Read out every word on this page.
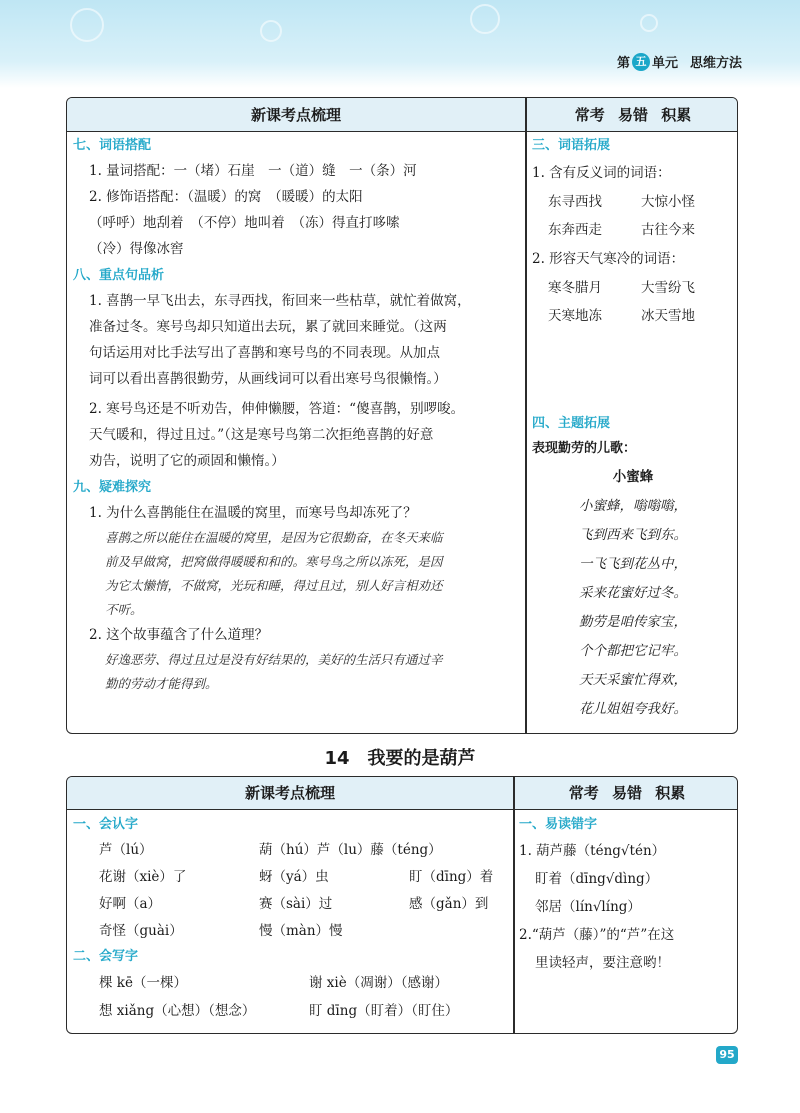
第 五 单元 思维方法
新课考点梳理	常考 易错 积累
七、词语搭配
1. 量词搭配：一（堵）石崖　一（道）缝　一（条）河
2. 修饰语搭配：（温暖）的窝　（暖暖）的太阳
（呼呼）地刮着　（不停）地叫着　（冻）得直打哆嗦
（冷）得像冰窖
八、重点句品析
1. 喜鹊一早飞出去，东寻西找，衔回来一些枯草，就忙着做窝，
准备过冬。寒号鸟却只知道出去玩，累了就回来睡觉。（这两
句话运用对比手法写出了喜鹊和寒号鸟的不同表现。从加点
词可以看出喜鹊很勤劳，从画线词可以看出寒号鸟很懒惰。）
2. 寒号鸟还是不听劝告，伸伸懒腰，答道：“傻喜鹊，别啰唆。
天气暖和，得过且过。”（这是寒号鸟第二次拒绝喜鹊的好意
劝告，说明了它的顽固和懒惰。）
九、疑难探究
1. 为什么喜鹊能住在温暖的窝里，而寒号鸟却冻死了？
喜鹊之所以能住在温暖的窝里，是因为它很勤奋，在冬天来临
前及早做窝，把窝做得暖暖和和的。寒号鸟之所以冻死，是因
为它太懒惰，不做窝，光玩和睡，得过且过，别人好言相劝还
不听。
2. 这个故事蕴含了什么道理？
好逸恶劳、得过且过是没有好结果的，美好的生活只有通过辛
勤的劳动才能得到。
三、词语拓展
1. 含有反义词的词语：
东寻西找	大惊小怪
东奔西走	古往今来
2. 形容天气寒冷的词语：
寒冬腊月	大雪纷飞
天寒地冻	冰天雪地
四、主题拓展
表现勤劳的儿歌：
小蜜蜂
小蜜蜂，嗡嗡嗡，
飞到西来飞到东。
一飞飞到花丛中，
采来花蜜好过冬。
勤劳是咱传家宝，
个个都把它记牢。
天天采蜜忙得欢，
花儿姐姐夸我好。
14　我要的是葫芦
新课考点梳理	常考 易错 积累
一、会认字
芦（lú）	葫（hú）芦（lu）藤（téng）
花谢（xiè）了	蚜（yá）虫	盯（dīng）着
好啊（a）	赛（sài）过	感（gǎn）到
奇怪（guài）	慢（màn）慢
二、会写字
棵 kē（一棵）	谢 xiè（凋谢）（感谢）
想 xiǎng（心想）（想念）	盯 dīng（盯着）（盯住）
一、易读错字
1. 葫芦藤（téng√tén）
盯着（dīng√dìng）
邻居（lín√líng）
2.“葫芦（藤）”的“芦”在这
里读轻声，要注意哟！
95
